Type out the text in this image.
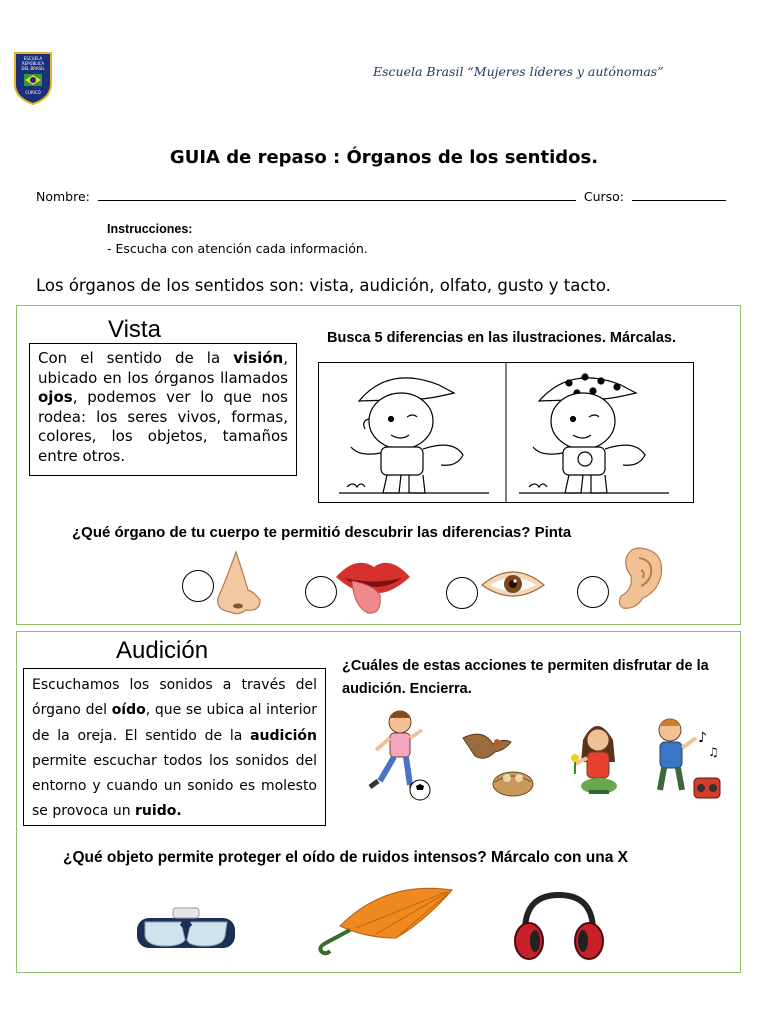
ESCUELA
REPÚBLICA
DEL BRASIL
CURICÓ
Escuela Brasil “Mujeres líderes y autónomas”
GUIA de repaso : Órganos de los sentidos.
Nombre:	Curso:
Instrucciones:
- Escucha con atención cada información.
Los órganos de los sentidos son: vista, audición, olfato, gusto y tacto.
Vista
Con el sentido de la visión, ubicado en los órganos llamados ojos, podemos ver lo que nos rodea: los seres vivos, formas, colores, los objetos, tamaños entre otros.
Busca 5 diferencias en las ilustraciones. Márcalas.
¿Qué órgano de tu cuerpo te permitió descubrir las diferencias? Pinta
Audición
Escuchamos los sonidos a través del órgano del oído, que se ubica al interior de la oreja. El sentido de la audición permite escuchar todos los sonidos del entorno y cuando un sonido es molesto se provoca un ruido.
¿Cuáles de estas acciones te permiten disfrutar de la audición. Encierra.
♪
♫
¿Qué objeto permite proteger el oído de ruidos intensos? Márcalo con una X
